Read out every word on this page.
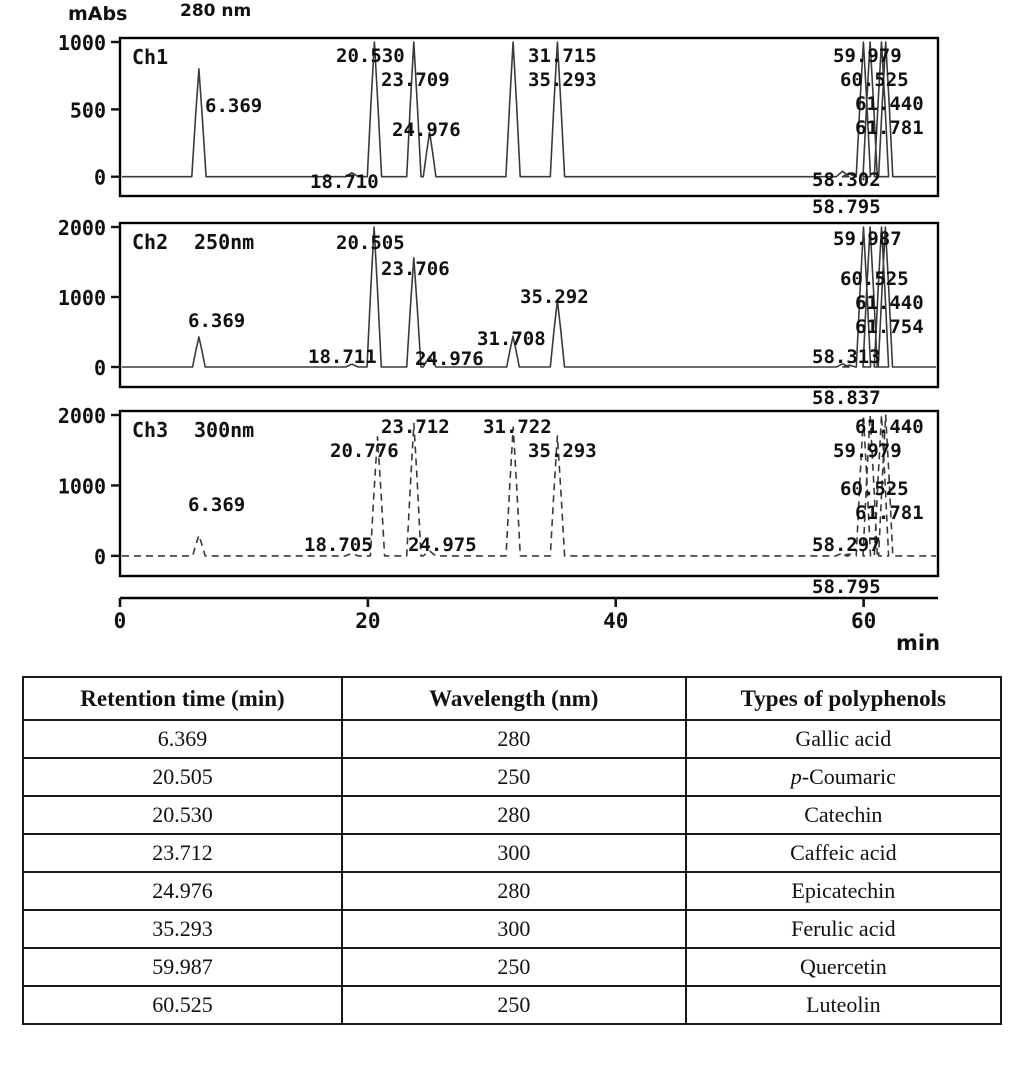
mAbs	280 nm
0
500
1000
Ch1
0
1000
2000
Ch2 250nm
0
1000
2000
Ch3 300nm
6.369
18.710
20.530
23.709
24.976
31.715
35.293
58.302
59.979
60.525
61.440
61.781
6.369
18.711
20.505
23.706
24.976
31.708
35.292
58.313
59.987
60.525
61.440
61.754
6.369
18.705
20.776
23.712
24.975
31.722
35.293
58.297
59.979
60.525
61.440
61.781
58.795
58.837
58.795
0	20	40	60
min
Retention time (min)	Wavelength (nm)	Types of polyphenols
6.369	280	Gallic acid
20.505	250	p-Coumaric
20.530	280	Catechin
23.712	300	Caffeic acid
24.976	280	Epicatechin
35.293	300	Ferulic acid
59.987	250	Quercetin
60.525	250	Luteolin
